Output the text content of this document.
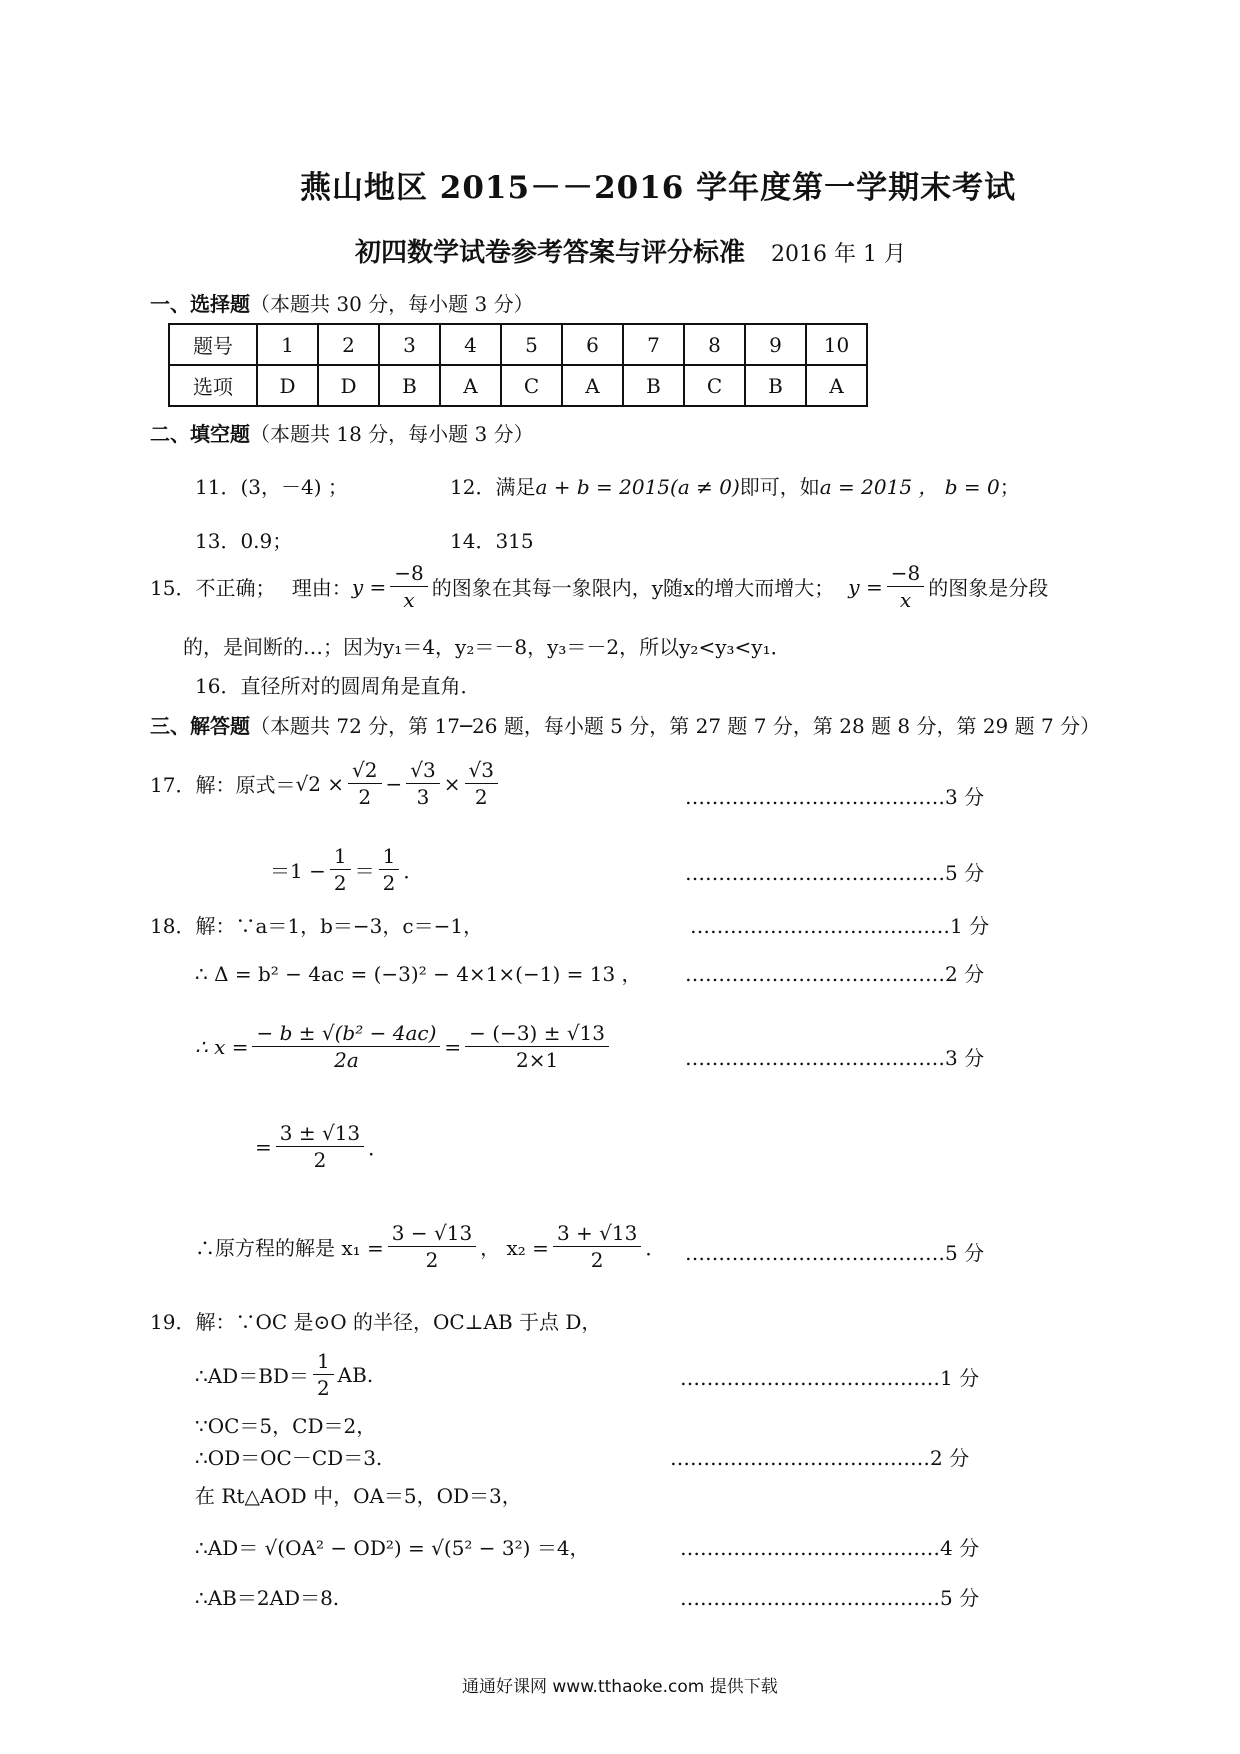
燕山地区 2015－－2016 学年度第一学期末考试
初四数学试卷参考答案与评分标准 2016 年 1 月
一、选择题（本题共 30 分，每小题 3 分）
题号	1	2	3	4	5	6	7	8	9	10
选项	D	D	B	A	C	A	B	C	B	A
二、填空题（本题共 18 分，每小题 3 分）
11．(3，－4) ；	12．满足a + b = 2015(a ≠ 0)即可，如a = 2015 ， b = 0；
13．0.9；	14．315
15．不正确；　 理由： $y = \frac{-8}{x}$ 的图象在其每一象限内，y随x的增大而增大； $y = \frac{-8}{x}$ 的图象是分段
的，是间断的…；因为y₁＝4，y₂＝－8，y₃＝－2，所以y₂<y₃<y₁．
16．直径所对的圆周角是直角．
三、解答题（本题共 72 分，第 17─26 题，每小题 5 分，第 27 题 7 分，第 28 题 8 分，第 29 题 7 分）
17．解：原式＝ $√2 \times \frac{√2}{2} - \frac{√3}{3} \times \frac{√3}{2}$	…………………………………3 分
$=1 - \frac{1}{2} = \frac{1}{2}$ ．	…………………………………5 分
18．解：∵a＝1，b＝−3，c＝−1，	…………………………………1 分
∴ Δ = b² − 4ac = (−3)² − 4×1×(−1) = 13 ， …………………………………2 分
∴ $x = \frac{\text{− b ± √(b² − 4ac)}}{2a} = \frac{- (-3) \pm √13}{2\times 1}$	…………………………………3 分
= $\frac{3 \pm √13}{2}$ ．
∴原方程的解是 $x_1 = \frac{3 - √13}{2}$ ， $x_2 = \frac{3 + √13}{2}$ ． …………………………………5 分
19．解：∵OC 是⊙O 的半径，OC⊥AB 于点 D，
∴AD＝BD＝ $\frac{1}{2}$ AB.	…………………………………1 分
∵OC＝5，CD＝2，
∴OD＝OC－CD＝3.	…………………………………2 分
在 Rt△AOD 中，OA＝5，OD＝3，
∴AD＝ √(OA² − OD²) = √(5² − 3²) ＝4，	…………………………………4 分
∴AB＝2AD＝8.	…………………………………5 分
通通好课网 www.tthaoke.com 提供下载
